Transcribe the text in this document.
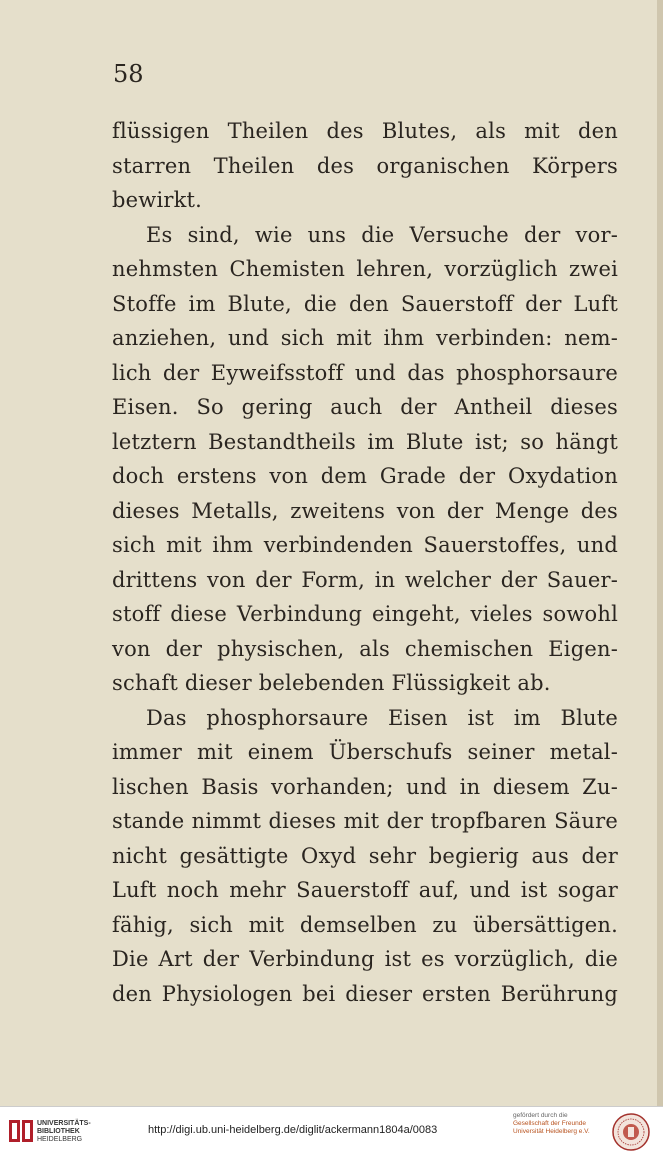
58
flüssigen Theilen des Blutes, als mit den
starren Theilen des organischen Körpers
bewirkt.
Es sind, wie uns die Versuche der vor-
nehmsten Chemisten lehren, vorzüglich zwei
Stoffe im Blute, die den Sauerstoff der Luft
anziehen, und sich mit ihm verbinden: nem-
lich der Eyweifsstoff und das phosphorsaure
Eisen. So gering auch der Antheil dieses
letztern Bestandtheils im Blute ist; so hängt
doch erstens von dem Grade der Oxydation
dieses Metalls, zweitens von der Menge des
sich mit ihm verbindenden Sauerstoffes, und
drittens von der Form, in welcher der Sauer-
stoff diese Verbindung eingeht, vieles sowohl
von der physischen, als chemischen Eigen-
schaft dieser belebenden Flüssigkeit ab.
Das phosphorsaure Eisen ist im Blute
immer mit einem Überschufs seiner metal-
lischen Basis vorhanden; und in diesem Zu-
stande nimmt dieses mit der tropfbaren Säure
nicht gesättigte Oxyd sehr begierig aus der
Luft noch mehr Sauerstoff auf, und ist sogar
fähig, sich mit demselben zu übersättigen.
Die Art der Verbindung ist es vorzüglich, die
den Physiologen bei dieser ersten Berührung
UNIVERSITÄTS-
BIBLIOTHEK
HEIDELBERG
http://digi.ub.uni-heidelberg.de/diglit/ackermann1804a/0083
gefördert durch die
Gesellschaft der Freunde
Universität Heidelberg e.V.
